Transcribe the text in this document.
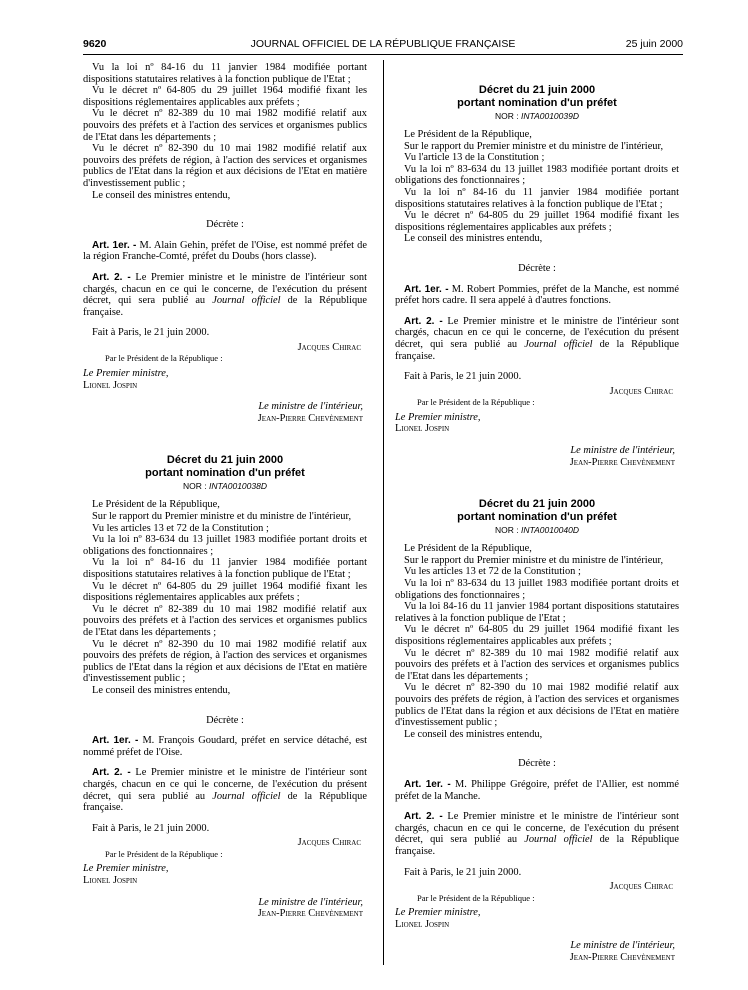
9620	JOURNAL OFFICIEL DE LA RÉPUBLIQUE FRANÇAISE	25 juin 2000

Vu la loi nº 84-16 du 11 janvier 1984 modifiée portant dispositions statutaires relatives à la fonction publique de l'Etat ;

Vu le décret nº 64-805 du 29 juillet 1964 modifié fixant les dispositions réglementaires applicables aux préfets ;

Vu le décret nº 82-389 du 10 mai 1982 modifié relatif aux pouvoirs des préfets et à l'action des services et organismes publics de l'Etat dans les départements ;

Vu le décret nº 82-390 du 10 mai 1982 modifié relatif aux pouvoirs des préfets de région, à l'action des services et organismes publics de l'Etat dans la région et aux décisions de l'Etat en matière d'investissement public ;

Le conseil des ministres entendu,

Décrète :

Art. 1er. - M. Alain Gehin, préfet de l'Oise, est nommé préfet de la région Franche-Comté, préfet du Doubs (hors classe).

Art. 2. - Le Premier ministre et le ministre de l'intérieur sont chargés, chacun en ce qui le concerne, de l'exécution du présent décret, qui sera publié au Journal officiel de la République française.

Fait à Paris, le 21 juin 2000.

Jacques Chirac

Par le Président de la République :

Le Premier ministre,

Lionel Jospin

Le ministre de l'intérieur,

Jean-Pierre Chevènement

Décret du 21 juin 2000

portant nomination d'un préfet

NOR : INTA0010038D

Le Président de la République,

Sur le rapport du Premier ministre et du ministre de l'intérieur,

Vu les articles 13 et 72 de la Constitution ;

Vu la loi nº 83-634 du 13 juillet 1983 modifiée portant droits et obligations des fonctionnaires ;

Vu la loi nº 84-16 du 11 janvier 1984 modifiée portant dispositions statutaires relatives à la fonction publique de l'Etat ;

Vu le décret nº 64-805 du 29 juillet 1964 modifié fixant les dispositions réglementaires applicables aux préfets ;

Vu le décret nº 82-389 du 10 mai 1982 modifié relatif aux pouvoirs des préfets et à l'action des services et organismes publics de l'Etat dans les départements ;

Vu le décret nº 82-390 du 10 mai 1982 modifié relatif aux pouvoirs des préfets de région, à l'action des services et organismes publics de l'Etat dans la région et aux décisions de l'Etat en matière d'investissement public ;

Le conseil des ministres entendu,

Décrète :

Art. 1er. - M. François Goudard, préfet en service détaché, est nommé préfet de l'Oise.

Art. 2. - Le Premier ministre et le ministre de l'intérieur sont chargés, chacun en ce qui le concerne, de l'exécution du présent décret, qui sera publié au Journal officiel de la République française.

Fait à Paris, le 21 juin 2000.

Jacques Chirac

Par le Président de la République :

Le Premier ministre,

Lionel Jospin

Le ministre de l'intérieur,

Jean-Pierre Chevènement

Décret du 21 juin 2000

portant nomination d'un préfet

NOR : INTA0010039D

Le Président de la République,

Sur le rapport du Premier ministre et du ministre de l'intérieur,

Vu l'article 13 de la Constitution ;

Vu la loi nº 83-634 du 13 juillet 1983 modifiée portant droits et obligations des fonctionnaires ;

Vu la loi nº 84-16 du 11 janvier 1984 modifiée portant dispositions statutaires relatives à la fonction publique de l'Etat ;

Vu le décret nº 64-805 du 29 juillet 1964 modifié fixant les dispositions réglementaires applicables aux préfets ;

Le conseil des ministres entendu,

Décrète :

Art. 1er. - M. Robert Pommies, préfet de la Manche, est nommé préfet hors cadre. Il sera appelé à d'autres fonctions.

Art. 2. - Le Premier ministre et le ministre de l'intérieur sont chargés, chacun en ce qui le concerne, de l'exécution du présent décret, qui sera publié au Journal officiel de la République française.

Fait à Paris, le 21 juin 2000.

Jacques Chirac

Par le Président de la République :

Le Premier ministre,

Lionel Jospin

Le ministre de l'intérieur,

Jean-Pierre Chevènement

Décret du 21 juin 2000

portant nomination d'un préfet

NOR : INTA0010040D

Le Président de la République,

Sur le rapport du Premier ministre et du ministre de l'intérieur,

Vu les articles 13 et 72 de la Constitution ;

Vu la loi nº 83-634 du 13 juillet 1983 modifiée portant droits et obligations des fonctionnaires ;

Vu la loi 84-16 du 11 janvier 1984 portant dispositions statutaires relatives à la fonction publique de l'Etat ;

Vu le décret nº 64-805 du 29 juillet 1964 modifié fixant les dispositions réglementaires applicables aux préfets ;

Vu le décret nº 82-389 du 10 mai 1982 modifié relatif aux pouvoirs des préfets et à l'action des services et organismes publics de l'Etat dans les départements ;

Vu le décret nº 82-390 du 10 mai 1982 modifié relatif aux pouvoirs des préfets de région, à l'action des services et organismes publics de l'Etat dans la région et aux décisions de l'Etat en matière d'investissement public ;

Le conseil des ministres entendu,

Décrète :

Art. 1er. - M. Philippe Grégoire, préfet de l'Allier, est nommé préfet de la Manche.

Art. 2. - Le Premier ministre et le ministre de l'intérieur sont chargés, chacun en ce qui le concerne, de l'exécution du présent décret, qui sera publié au Journal officiel de la République française.

Fait à Paris, le 21 juin 2000.

Jacques Chirac

Par le Président de la République :

Le Premier ministre,

Lionel Jospin

Le ministre de l'intérieur,

Jean-Pierre Chevènement
